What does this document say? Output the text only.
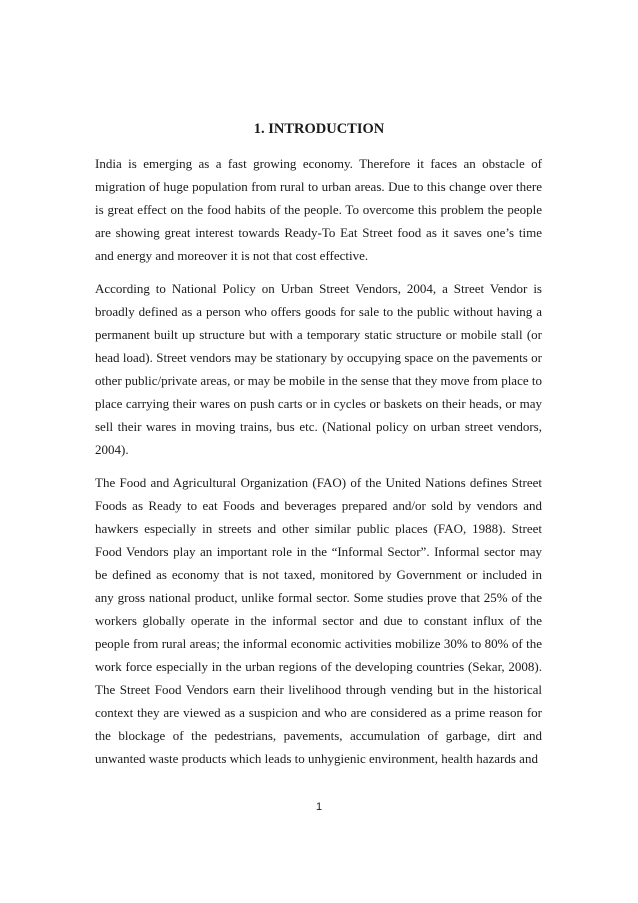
1. INTRODUCTION

India is emerging as a fast growing economy. Therefore it faces an obstacle of migration of huge population from rural to urban areas. Due to this change over there is great effect on the food habits of the people. To overcome this problem the people are showing great interest towards Ready-To Eat Street food as it saves one’s time and energy and moreover it is not that cost effective.

According to National Policy on Urban Street Vendors, 2004, a Street Vendor is broadly defined as a person who offers goods for sale to the public without having a permanent built up structure but with a temporary static structure or mobile stall (or head load). Street vendors may be stationary by occupying space on the pavements or other public/private areas, or may be mobile in the sense that they move from place to place carrying their wares on push carts or in cycles or baskets on their heads, or may sell their wares in moving trains, bus etc. (National policy on urban street vendors, 2004).

The Food and Agricultural Organization (FAO) of the United Nations defines Street Foods as Ready to eat Foods and beverages prepared and/or sold by vendors and hawkers especially in streets and other similar public places (FAO, 1988). Street Food Vendors play an important role in the “Informal Sector”. Informal sector may be defined as economy that is not taxed, monitored by Government or included in any gross national product, unlike formal sector. Some studies prove that 25% of the workers globally operate in the informal sector and due to constant influx of the people from rural areas; the informal economic activities mobilize 30% to 80% of the work force especially in the urban regions of the developing countries (Sekar, 2008). The Street Food Vendors earn their livelihood through vending but in the historical context they are viewed as a suspicion and who are considered as a prime reason for the blockage of the pedestrians, pavements, accumulation of garbage, dirt and unwanted waste products which leads to unhygienic environment, health hazards and

1
